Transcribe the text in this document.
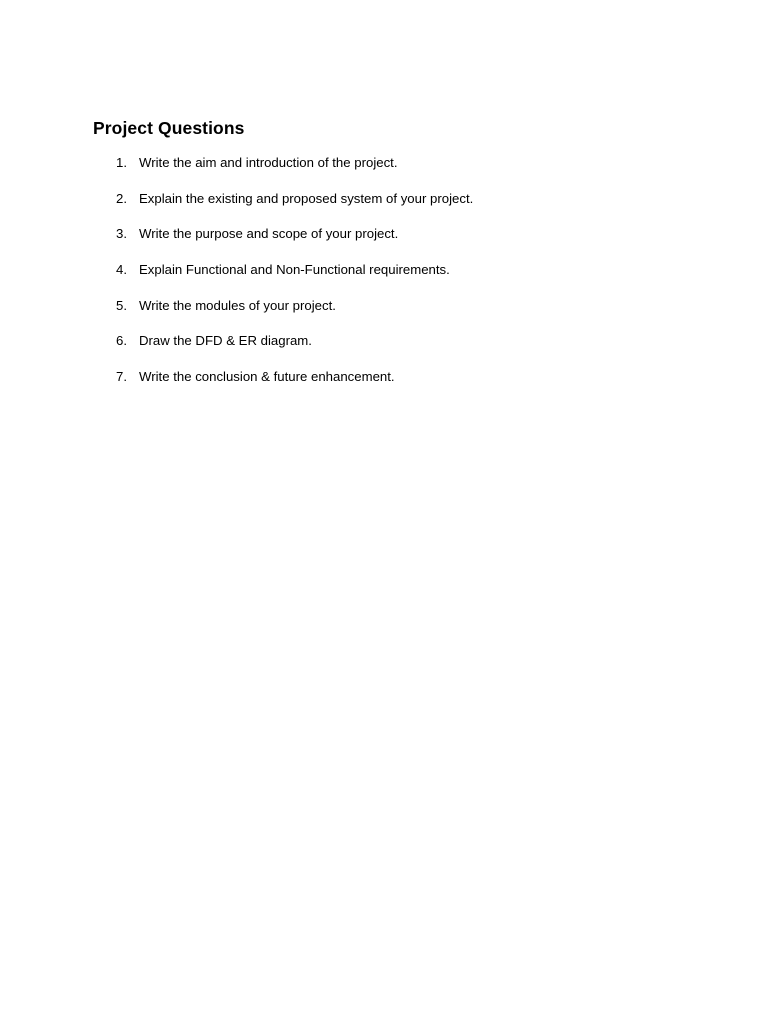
Project Questions
1. Write the aim and introduction of the project.
2. Explain the existing and proposed system of your project.
3. Write the purpose and scope of your project.
4. Explain Functional and Non-Functional requirements.
5. Write the modules of your project.
6. Draw the DFD & ER diagram.
7. Write the conclusion & future enhancement.
